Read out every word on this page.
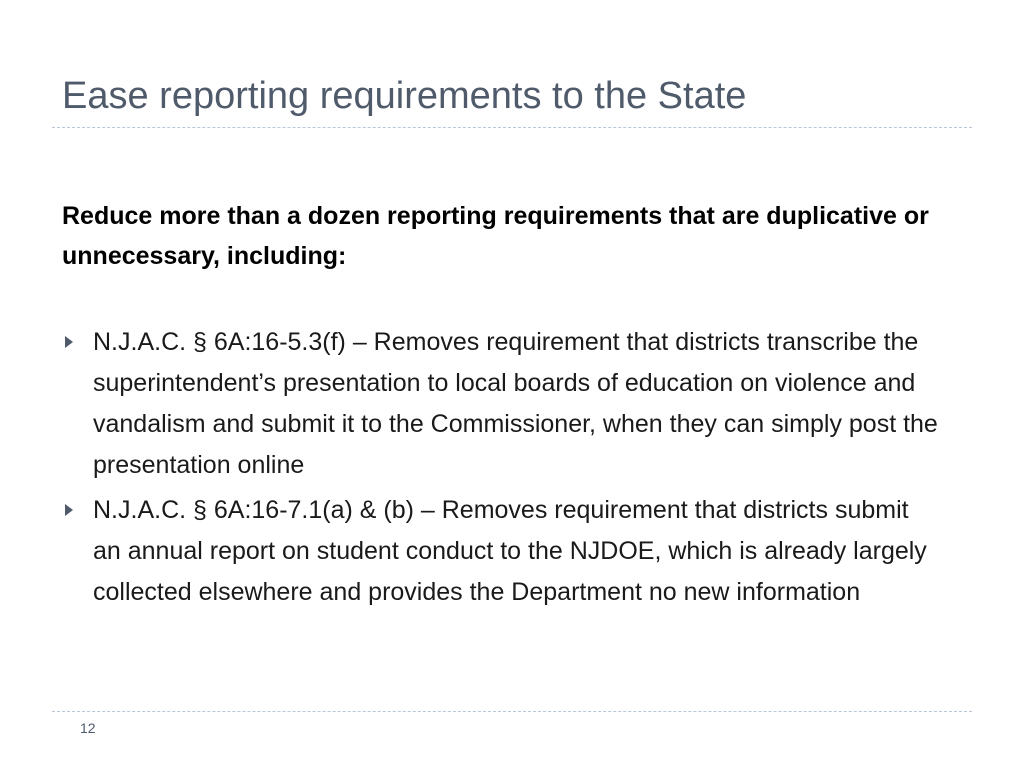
Ease reporting requirements to the State

Reduce more than a dozen reporting requirements that are duplicative or unnecessary, including:

N.J.A.C. § 6A:16-5.3(f) – Removes requirement that districts transcribe the superintendent’s presentation to local boards of education on violence and vandalism and submit it to the Commissioner, when they can simply post the presentation online
N.J.A.C. § 6A:16-7.1(a) & (b) – Removes requirement that districts submit an annual report on student conduct to the NJDOE, which is already largely collected elsewhere and provides the Department no new information
12
